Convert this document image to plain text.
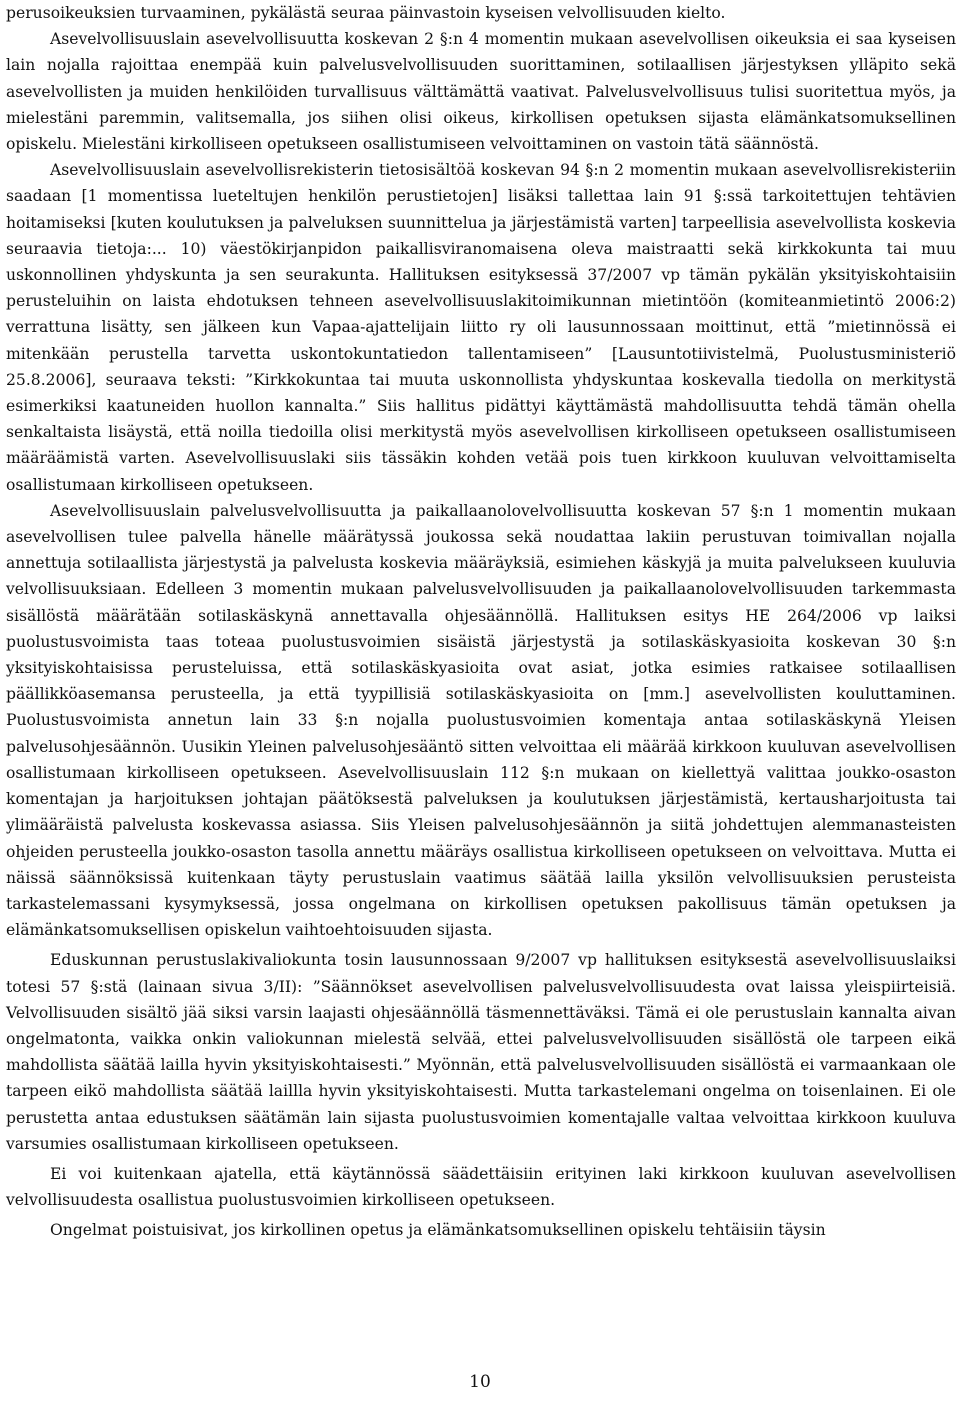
perusoikeuksien turvaaminen, pykälästä seuraa päinvastoin kyseisen velvollisuuden kielto.

Asevelvollisuuslain asevelvollisuutta koskevan 2 §:n 4 momentin mukaan asevelvollisen oikeuksia ei saa kyseisen lain nojalla rajoittaa enempää kuin palvelusvelvollisuuden suorittaminen, sotilaallisen järjestyksen ylläpito sekä asevelvollisten ja muiden henkilöiden turvallisuus välttämättä vaativat. Palvelusvelvollisuus tulisi suoritettua myös, ja mielestäni paremmin, valitsemalla, jos siihen olisi oikeus, kirkollisen opetuksen sijasta elämänkatsomuksellinen opiskelu. Mielestäni kirkolliseen opetukseen osallistumiseen velvoittaminen on vastoin tätä säännöstä.

Asevelvollisuuslain asevelvollisrekisterin tietosisältöä koskevan 94 §:n 2 momentin mukaan asevelvollisrekisteriin saadaan [1 momentissa lueteltujen henkilön perustietojen] lisäksi tallettaa lain 91 §:ssä tarkoitettujen tehtävien hoitamiseksi [kuten koulutuksen ja palveluksen suunnittelua ja järjestämistä varten] tarpeellisia asevelvollista koskevia seuraavia tietoja:... 10) väestökirjanpidon paikallisviranomaisena oleva maistraatti sekä kirkkokunta tai muu uskonnollinen yhdyskunta ja sen seurakunta. Hallituksen esityksessä 37/2007 vp tämän pykälän yksityiskohtaisiin perusteluihin on laista ehdotuksen tehneen asevelvollisuuslakitoimikunnan mietintöön (komiteanmietintö 2006:2) verrattuna lisätty, sen jälkeen kun Vapaa-ajattelijain liitto ry oli lausunnossaan moittinut, että ”mietinnössä ei mitenkään perustella tarvetta uskontokuntatiedon tallentamiseen” [Lausuntotiivistelmä, Puolustusministeriö 25.8.2006], seuraava teksti: ”Kirkkokuntaa tai muuta uskonnollista yhdyskuntaa koskevalla tiedolla on merkitystä esimerkiksi kaatuneiden huollon kannalta.” Siis hallitus pidättyi käyttämästä mahdollisuutta tehdä tämän ohella senkaltaista lisäystä, että noilla tiedoilla olisi merkitystä myös asevelvollisen kirkolliseen opetukseen osallistumiseen määräämistä varten. Asevelvollisuuslaki siis tässäkin kohden vetää pois tuen kirkkoon kuuluvan velvoittamiselta osallistumaan kirkolliseen opetukseen.

Asevelvollisuuslain palvelusvelvollisuutta ja paikallaanolovelvollisuutta koskevan 57 §:n 1 momentin mukaan asevelvollisen tulee palvella hänelle määrätyssä joukossa sekä noudattaa lakiin perustuvan toimivallan nojalla annettuja sotilaallista järjestystä ja palvelusta koskevia määräyksiä, esimiehen käskyjä ja muita palvelukseen kuuluvia velvollisuuksiaan. Edelleen 3 momentin mukaan palvelusvelvollisuuden ja paikallaanolovelvollisuuden tarkemmasta sisällöstä määrätään sotilaskäskynä annettavalla ohjesäännöllä. Hallituksen esitys HE 264/2006 vp laiksi puolustusvoimista taas toteaa puolustusvoimien sisäistä järjestystä ja sotilaskäskyasioita koskevan 30 §:n yksityiskohtaisissa perusteluissa, että sotilaskäskyasioita ovat asiat, jotka esimies ratkaisee sotilaallisen päällikköasemansa perusteella, ja että tyypillisiä sotilaskäskyasioita on [mm.] asevelvollisten kouluttaminen. Puolustusvoimista annetun lain 33 §:n nojalla puolustusvoimien komentaja antaa sotilaskäskynä Yleisen palvelusohjesäännön. Uusikin Yleinen palvelusohjesääntö sitten velvoittaa eli määrää kirkkoon kuuluvan asevelvollisen osallistumaan kirkolliseen opetukseen. Asevelvollisuuslain 112 §:n mukaan on kiellettyä valittaa joukko-osaston komentajan ja harjoituksen johtajan päätöksestä palveluksen ja koulutuksen järjestämistä, kertausharjoitusta tai ylimääräistä palvelusta koskevassa asiassa. Siis Yleisen palvelusohjesäännön ja siitä johdettujen alemmanasteisten ohjeiden perusteella joukko-osaston tasolla annettu määräys osallistua kirkolliseen opetukseen on velvoittava. Mutta ei näissä säännöksissä kuitenkaan täyty perustuslain vaatimus säätää lailla yksilön velvollisuuksien perusteista tarkastelemassani kysymyksessä, jossa ongelmana on kirkollisen opetuksen pakollisuus tämän opetuksen ja elämänkatsomuksellisen opiskelun vaihtoehtoisuuden sijasta.

Eduskunnan perustuslakivaliokunta tosin lausunnossaan 9/2007 vp hallituksen esityksestä asevelvollisuuslaiksi totesi 57 §:stä (lainaan sivua 3/II): ”Säännökset asevelvollisen palvelusvelvollisuudesta ovat laissa yleispiirteisiä. Velvollisuuden sisältö jää siksi varsin laajasti ohjesäännöllä täsmennettäväksi. Tämä ei ole perustuslain kannalta aivan ongelmatonta, vaikka onkin valiokunnan mielestä selvää, ettei palvelusvelvollisuuden sisällöstä ole tarpeen eikä mahdollista säätää lailla hyvin yksityiskohtaisesti.” Myönnän, että palvelusvelvollisuuden sisällöstä ei varmaankaan ole tarpeen eikö mahdollista säätää laillla hyvin yksityiskohtaisesti. Mutta tarkastelemani ongelma on toisenlainen. Ei ole perustetta antaa edustuksen säätämän lain sijasta puolustusvoimien komentajalle valtaa velvoittaa kirkkoon kuuluva varsumies osallistumaan kirkolliseen opetukseen.

Ei voi kuitenkaan ajatella, että käytännössä säädettäisiin erityinen laki kirkkoon kuuluvan asevelvollisen velvollisuudesta osallistua puolustusvoimien kirkolliseen opetukseen.

Ongelmat poistuisivat, jos kirkollinen opetus ja elämänkatsomuksellinen opiskelu tehtäisiin täysin

10
